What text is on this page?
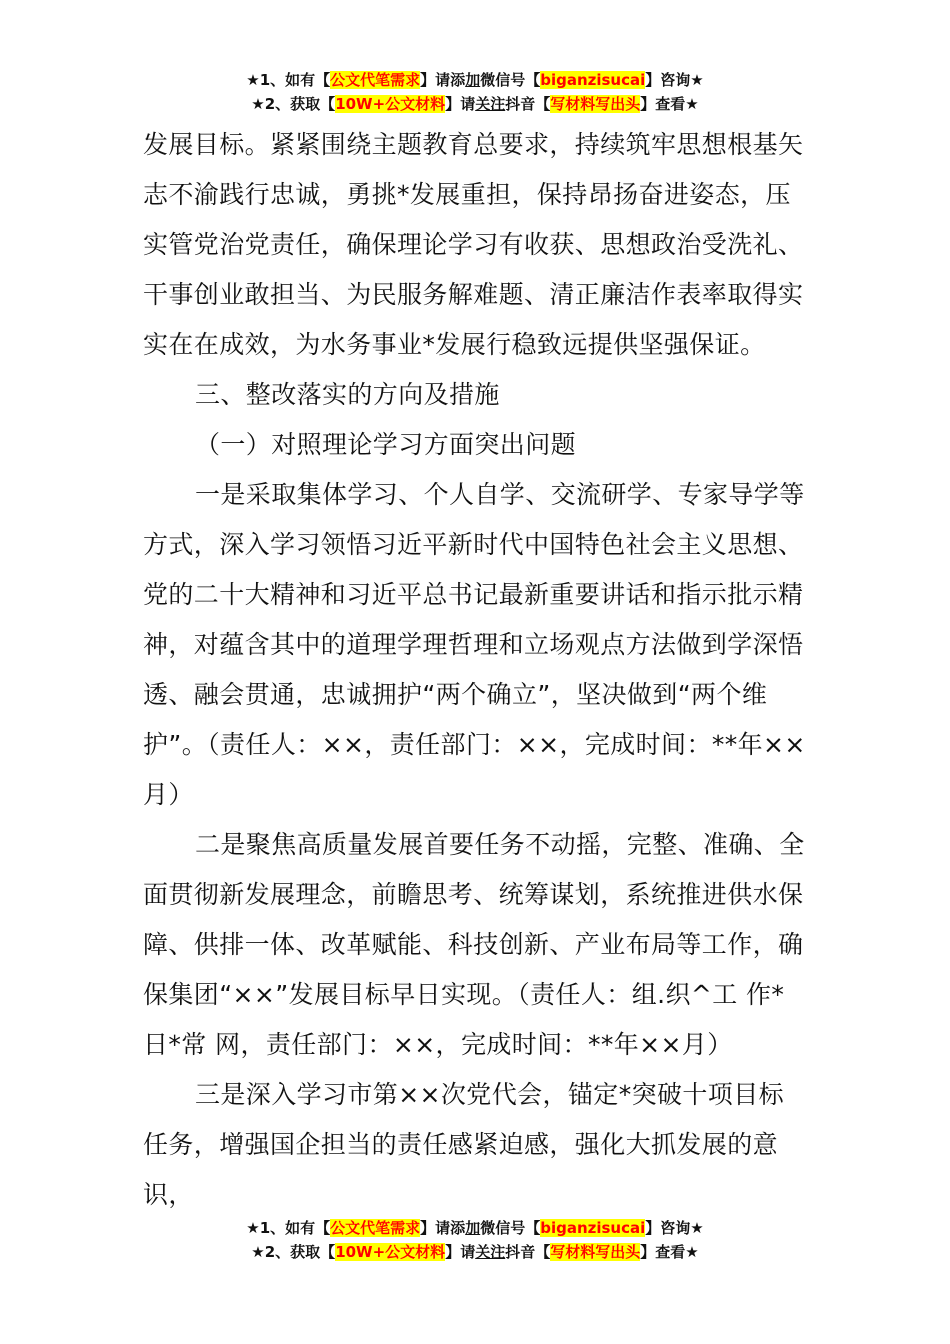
★1、如有【公文代笔需求】请添加微信号【biganzisucai】咨询★
★2、获取【10W+公文材料】请关注抖音【写材料写出头】查看★

发展目标。紧紧围绕主题教育总要求，持续筑牢思想根基矢志不渝践行忠诚，勇挑*发展重担，保持昂扬奋进姿态，压实管党治党责任，确保理论学习有收获、思想政治受洗礼、干事创业敢担当、为民服务解难题、清正廉洁作表率取得实实在在成效，为水务事业*发展行稳致远提供坚强保证。

三、整改落实的方向及措施

（一）对照理论学习方面突出问题

一是采取集体学习、个人自学、交流研学、专家导学等方式，深入学习领悟习近平新时代中国特色社会主义思想、党的二十大精神和习近平总书记最新重要讲话和指示批示精神，对蕴含其中的道理学理哲理和立场观点方法做到学深悟透、融会贯通，忠诚拥护“两个确立”，坚决做到“两个维护”。（责任人：××，责任部门：××，完成时间：**年××月）

二是聚焦高质量发展首要任务不动摇，完整、准确、全面贯彻新发展理念，前瞻思考、统筹谋划，系统推进供水保障、供排一体、改革赋能、科技创新、产业布局等工作，确保集团“××”发展目标早日实现。（责任人：组.织^工 作*日*常 网，责任部门：××，完成时间：**年××月）

三是深入学习市第××次党代会，锚定*突破十项目标任务，增强国企担当的责任感紧迫感，强化大抓发展的意识，

★1、如有【公文代笔需求】请添加微信号【biganzisucai】咨询★
★2、获取【10W+公文材料】请关注抖音【写材料写出头】查看★
